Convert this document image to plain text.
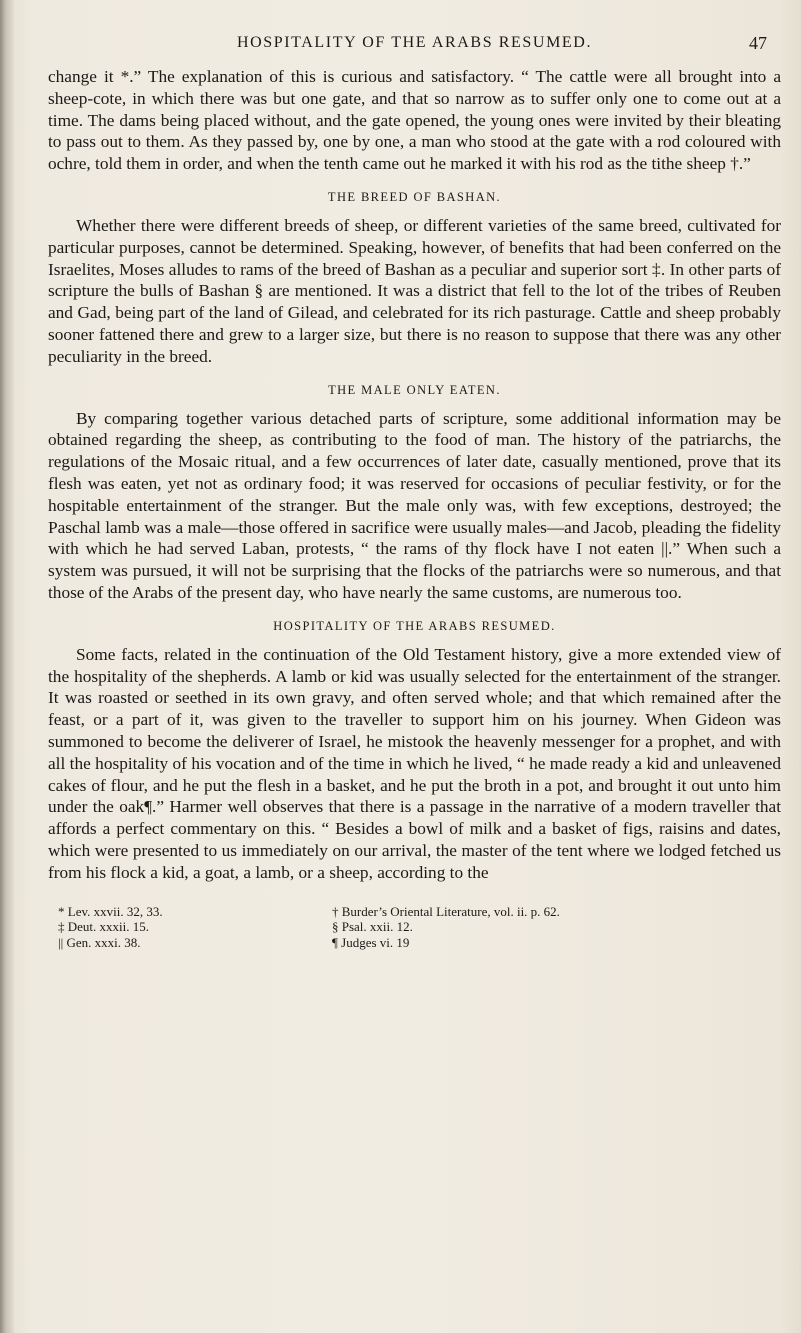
HOSPITALITY OF THE ARABS RESUMED.	47

change it *.” The explanation of this is curious and satisfactory. “ The cattle were all brought into a sheep-cote, in which there was but one gate, and that so narrow as to suffer only one to come out at a time. The dams being placed without, and the gate opened, the young ones were invited by their bleating to pass out to them. As they passed by, one by one, a man who stood at the gate with a rod coloured with ochre, told them in order, and when the tenth came out he marked it with his rod as the tithe sheep †.”

THE BREED OF BASHAN.

Whether there were different breeds of sheep, or different varieties of the same breed, cultivated for particular purposes, cannot be determined. Speaking, however, of benefits that had been conferred on the Israelites, Moses alludes to rams of the breed of Bashan as a peculiar and superior sort ‡. In other parts of scripture the bulls of Bashan § are mentioned. It was a district that fell to the lot of the tribes of Reuben and Gad, being part of the land of Gilead, and celebrated for its rich pasturage. Cattle and sheep probably sooner fattened there and grew to a larger size, but there is no reason to suppose that there was any other peculiarity in the breed.

THE MALE ONLY EATEN.

By comparing together various detached parts of scripture, some additional information may be obtained regarding the sheep, as contributing to the food of man. The history of the patriarchs, the regulations of the Mosaic ritual, and a few occurrences of later date, casually mentioned, prove that its flesh was eaten, yet not as ordinary food; it was reserved for occasions of peculiar festivity, or for the hospitable entertainment of the stranger. But the male only was, with few exceptions, destroyed; the Paschal lamb was a male—those offered in sacrifice were usually males—and Jacob, pleading the fidelity with which he had served Laban, protests, “ the rams of thy flock have I not eaten ||.” When such a system was pursued, it will not be surprising that the flocks of the patriarchs were so numerous, and that those of the Arabs of the present day, who have nearly the same customs, are numerous too.

HOSPITALITY OF THE ARABS RESUMED.

Some facts, related in the continuation of the Old Testament history, give a more extended view of the hospitality of the shepherds. A lamb or kid was usually selected for the entertainment of the stranger. It was roasted or seethed in its own gravy, and often served whole; and that which remained after the feast, or a part of it, was given to the traveller to support him on his journey. When Gideon was summoned to become the deliverer of Israel, he mistook the heavenly messenger for a prophet, and with all the hospitality of his vocation and of the time in which he lived, “ he made ready a kid and unleavened cakes of flour, and he put the flesh in a basket, and he put the broth in a pot, and brought it out unto him under the oak¶.” Harmer well observes that there is a passage in the narrative of a modern traveller that affords a perfect commentary on this. “ Besides a bowl of milk and a basket of figs, raisins and dates, which were presented to us immediately on our arrival, the master of the tent where we lodged fetched us from his flock a kid, a goat, a lamb, or a sheep, according to the

* Lev. xxvii. 32, 33.	† Burder’s Oriental Literature, vol. ii. p. 62.
‡ Deut. xxxii. 15.	§ Psal. xxii. 12.
|| Gen. xxxi. 38.	¶ Judges vi. 19
